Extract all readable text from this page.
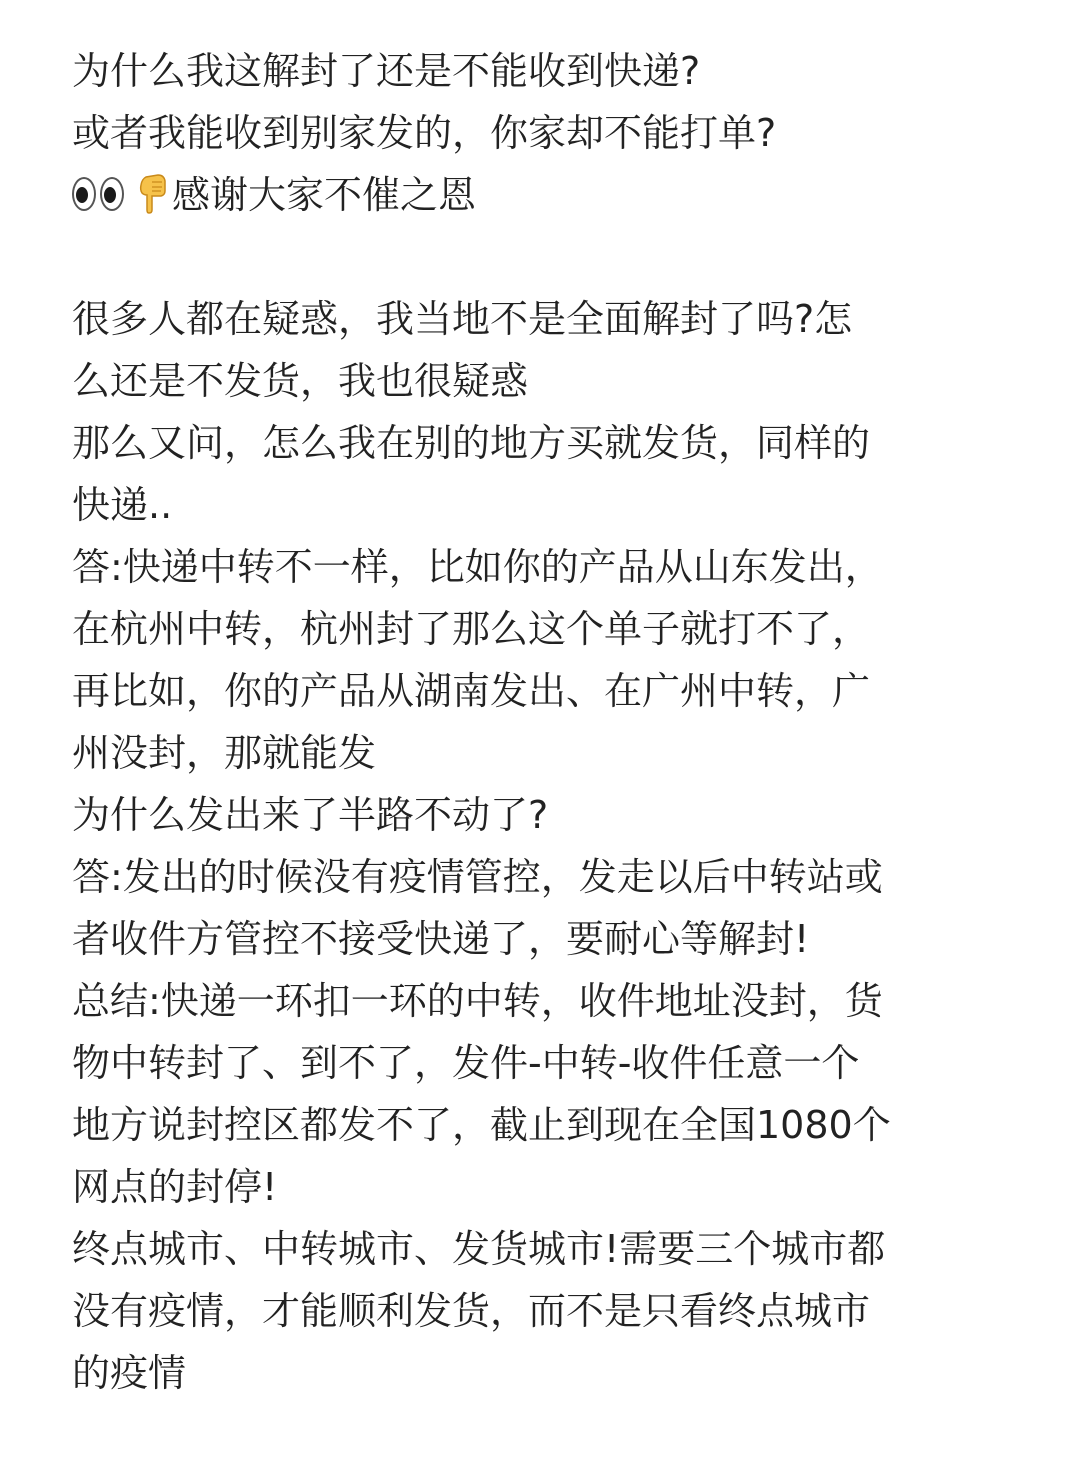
为什么我这解封了还是不能收到快递?
或者我能收到别家发的，你家却不能打单?
感谢大家不催之恩
很多人都在疑惑，我当地不是全面解封了吗?怎
么还是不发货，我也很疑惑
那么又问，怎么我在别的地方买就发货，同样的
快递..
答:快递中转不一样，比如你的产品从山东发出，
在杭州中转，杭州封了那么这个单子就打不了，
再比如，你的产品从湖南发出、在广州中转，广
州没封，那就能发
为什么发出来了半路不动了?
答:发出的时候没有疫情管控，发走以后中转站或
者收件方管控不接受快递了，要耐心等解封!
总结:快递一环扣一环的中转，收件地址没封，货
物中转封了、到不了，发件-中转-收件任意一个
地方说封控区都发不了，截止到现在全国1080个
网点的封停!
终点城市、中转城市、发货城市!需要三个城市都
没有疫情，才能顺利发货，而不是只看终点城市
的疫情
